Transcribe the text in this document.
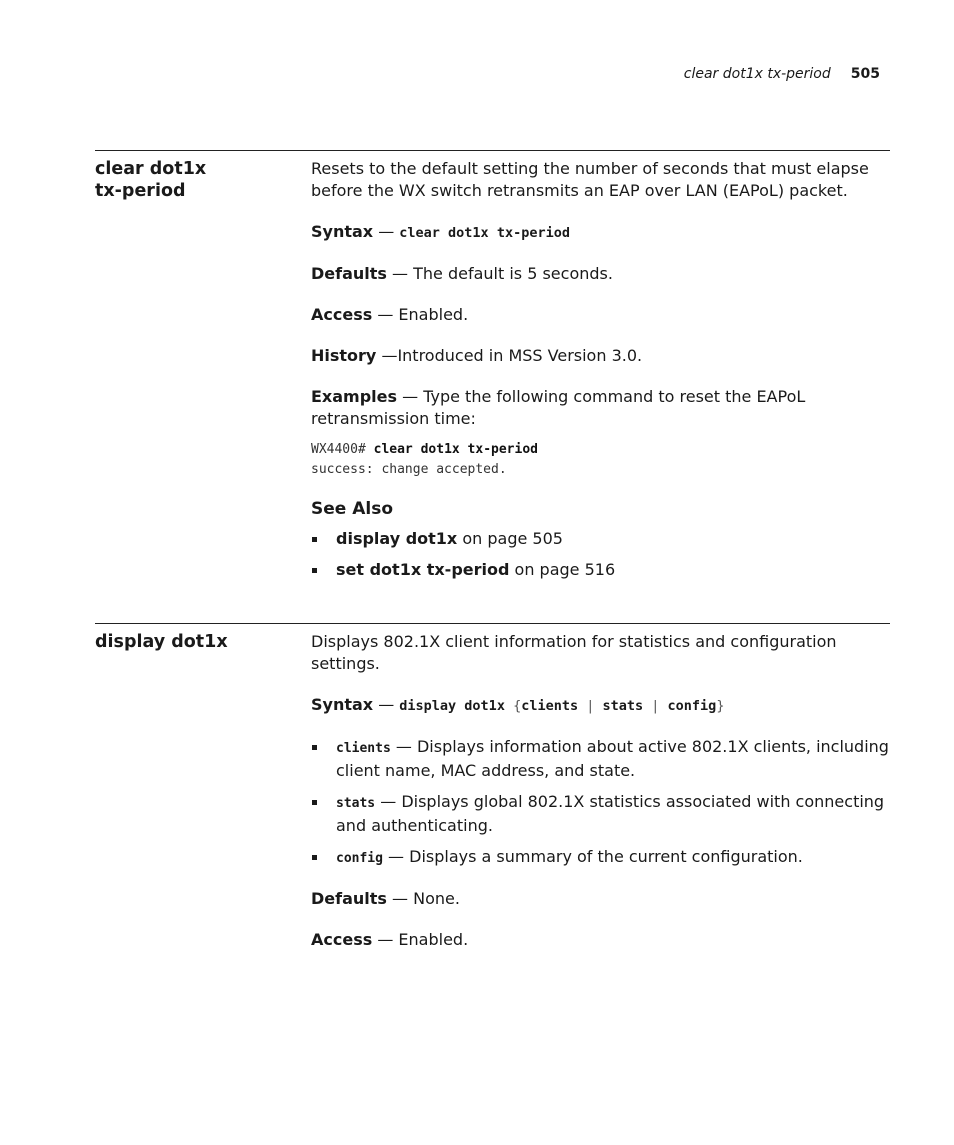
clear dot1x tx-period 505
clear dot1x
tx-period

Resets to the default setting the number of seconds that must elapse before the WX switch retransmits an EAP over LAN (EAPoL) packet.

Syntax — clear dot1x tx-period

Defaults — The default is 5 seconds.

Access — Enabled.

History —Introduced in MSS Version 3.0.

Examples — Type the following command to reset the EAPoL retransmission time:

WX4400# clear dot1x tx-period
success: change accepted.
See Also
display dot1x on page 505
set dot1x tx-period on page 516
display dot1x	Displays 802.1X client information for statistics and configuration settings.

Syntax — display dot1x {clients | stats | config}

clients — Displays information about active 802.1X clients, including client name, MAC address, and state.
stats — Displays global 802.1X statistics associated with connecting and authenticating.
config — Displays a summary of the current configuration.

Defaults — None.

Access — Enabled.
